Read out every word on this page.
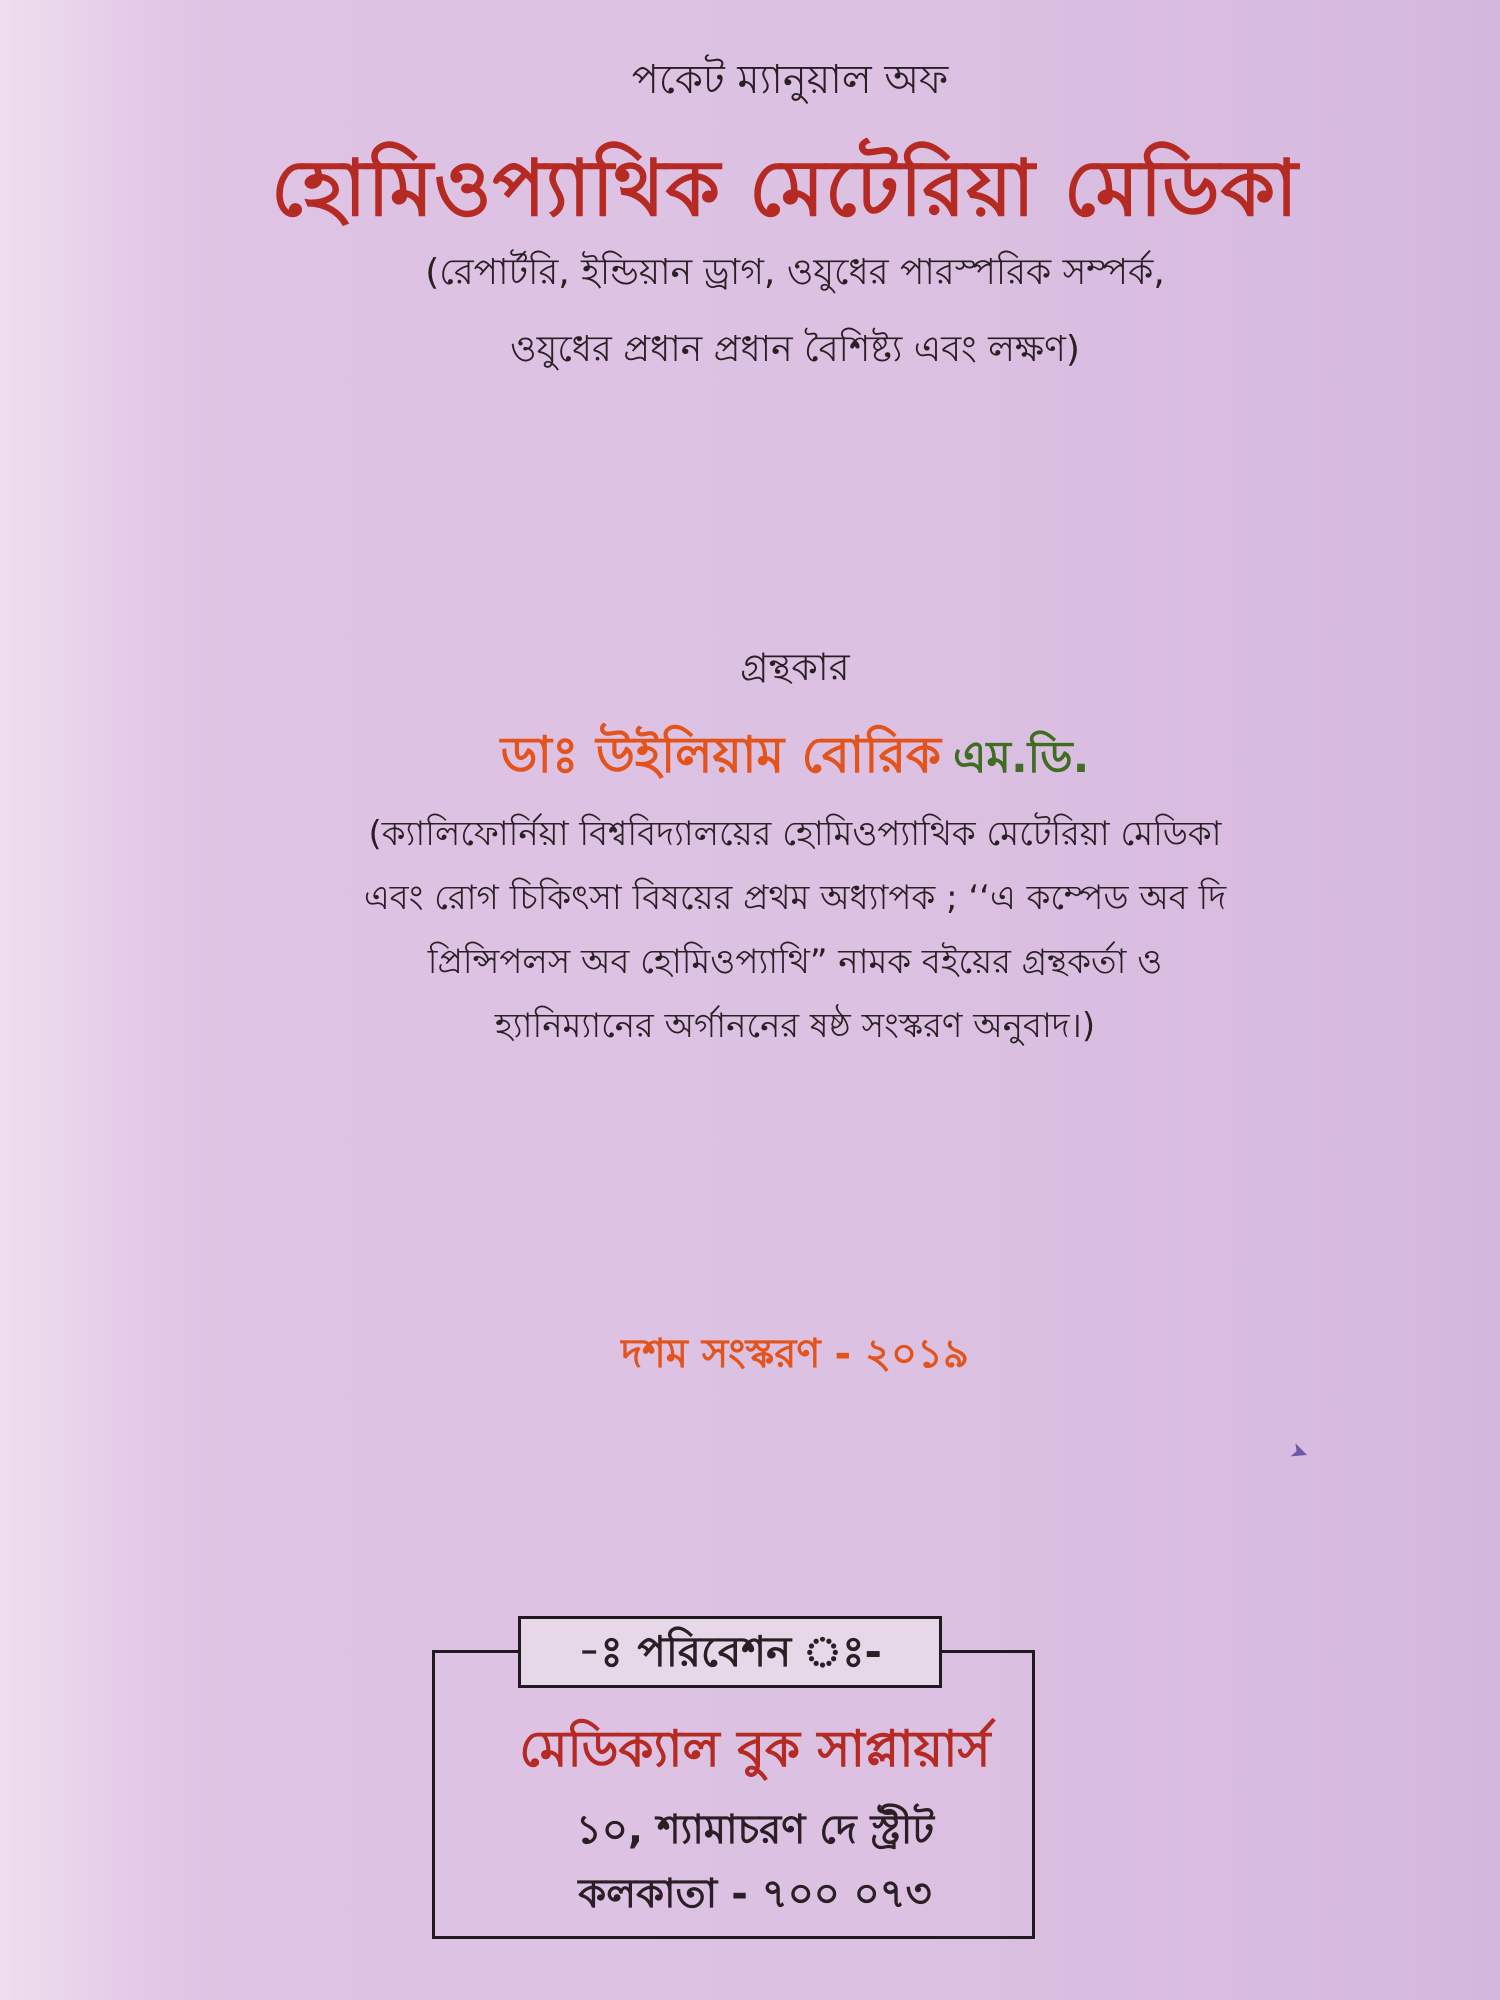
পকেট ম্যানুয়াল অফ
হোমিওপ্যাথিক মেটেরিয়া মেডিকা
(রেপার্টরি, ইন্ডিয়ান ড্রাগ, ওযুধের পারস্পরিক সম্পর্ক,
ওযুধের প্রধান প্রধান বৈশিষ্ট্য এবং লক্ষণ)
গ্রন্থকার
ডাঃ উইলিয়াম বোরিক এম.ডি.
(ক্যালিফোর্নিয়া বিশ্ববিদ্যালয়ের হোমিওপ্যাথিক মেটেরিয়া মেডিকা
এবং রোগ চিকিৎসা বিষয়ের প্রথম অধ্যাপক ; ‘‘এ কম্পেড অব দি
প্রিন্সিপলস অব হোমিওপ্যাথি” নামক বইয়ের গ্রন্থকর্তা ও
হ্যানিম্যানের অর্গাননের ষষ্ঠ সংস্করণ অনুবাদ।)
দশম সংস্করণ - ২০১৯
-ঃ পরিবেশন ঃ-
মেডিক্যাল বুক সাপ্লায়ার্স
১০, শ্যামাচরণ দে স্ট্রীট
কলকাতা - ৭০০ ০৭৩
➤
